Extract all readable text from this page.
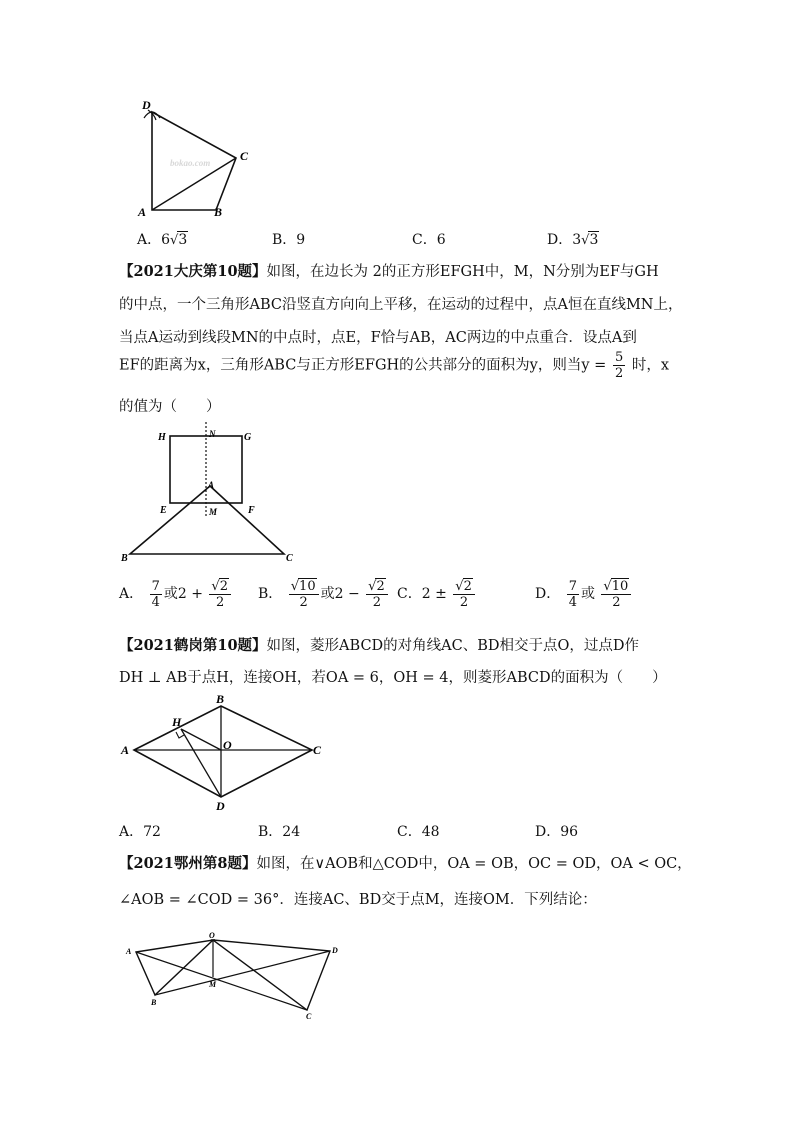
D
C
A	B
bokao.com
A．6√3	B．9	C．6	D．3√3
【2021大庆第10题】如图，在边长为 2的正方形EFGH中，M，N分别为EF与GH
的中点，一个三角形ABC沿竖直方向向上平移，在运动的过程中，点A恒在直线MN上，
当点A运动到线段MN的中点时，点E，F恰与AB，AC两边的中点重合．设点A到
EF的距离为x，三角形ABC与正方形EFGH的公共部分的面积为y，则当$y = \frac{5}{2}$ 时，x
的值为（　　）
H	N	G
E
A
M	F
B	C
A． $\frac{7}{4}$ 或$2 + \frac{√2}{2}$ B． $\frac{√10}{2}$ 或$2 - \frac{√2}{2}$ C．$2 \pm \frac{√2}{2}$	D． $\frac{7}{4}$ 或 $\frac{√10}{2}$
【2021鹤岗第10题】如图，菱形ABCD的对角线AC、BD相交于点O，过点D作
DH ⊥ AB于点H，连接OH，若OA = 6，OH = 4，则菱形ABCD的面积为（　　）
A
B
C
D
H
O
A．72	B．24	C．48	D．96
【2021鄂州第8题】如图，在∨AOB和△COD中，OA = OB，OC = OD，OA < OC，
∠AOB = ∠COD = 36°．连接AC、BD交于点M，连接OM．下列结论：
O
A	D
B
M
C
